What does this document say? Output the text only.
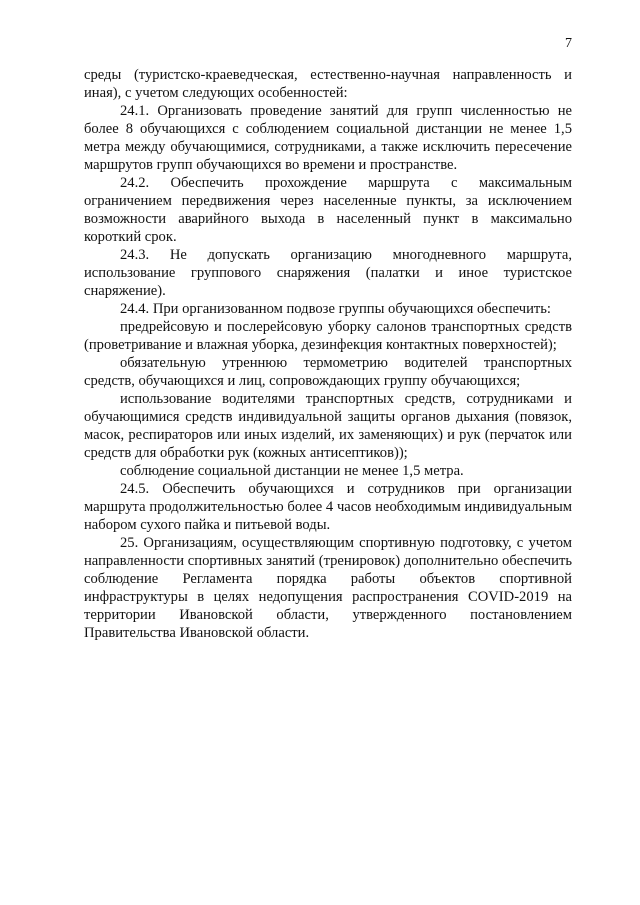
7

среды (туристско-краеведческая, естественно-научная направленность и иная), с учетом следующих особенностей:

24.1. Организовать проведение занятий для групп численностью не более 8 обучающихся с соблюдением социальной дистанции не менее 1,5 метра между обучающимися, сотрудниками, а также исключить пересечение маршрутов групп обучающихся во времени и пространстве.

24.2. Обеспечить прохождение маршрута с максимальным ограничением передвижения через населенные пункты, за исключением возможности аварийного выхода в населенный пункт в максимально короткий срок.

24.3. Не допускать организацию многодневного маршрута, использование группового снаряжения (палатки и иное туристское снаряжение).

24.4. При организованном подвозе группы обучающихся обеспечить:

предрейсовую и послерейсовую уборку салонов транспортных средств (проветривание и влажная уборка, дезинфекция контактных поверхностей);

обязательную утреннюю термометрию водителей транспортных средств, обучающихся и лиц, сопровождающих группу обучающихся;

использование водителями транспортных средств, сотрудниками и обучающимися средств индивидуальной защиты органов дыхания (повязок, масок, респираторов или иных изделий, их заменяющих) и рук (перчаток или средств для обработки рук (кожных антисептиков));

соблюдение социальной дистанции не менее 1,5 метра.

24.5. Обеспечить обучающихся и сотрудников при организации маршрута продолжительностью более 4 часов необходимым индивидуальным набором сухого пайка и питьевой воды.

25. Организациям, осуществляющим спортивную подготовку, с учетом направленности спортивных занятий (тренировок) дополнительно обеспечить соблюдение Регламента порядка работы объектов спортивной инфраструктуры в целях недопущения распространения COVID-2019 на территории Ивановской области, утвержденного постановлением Правительства Ивановской области.
